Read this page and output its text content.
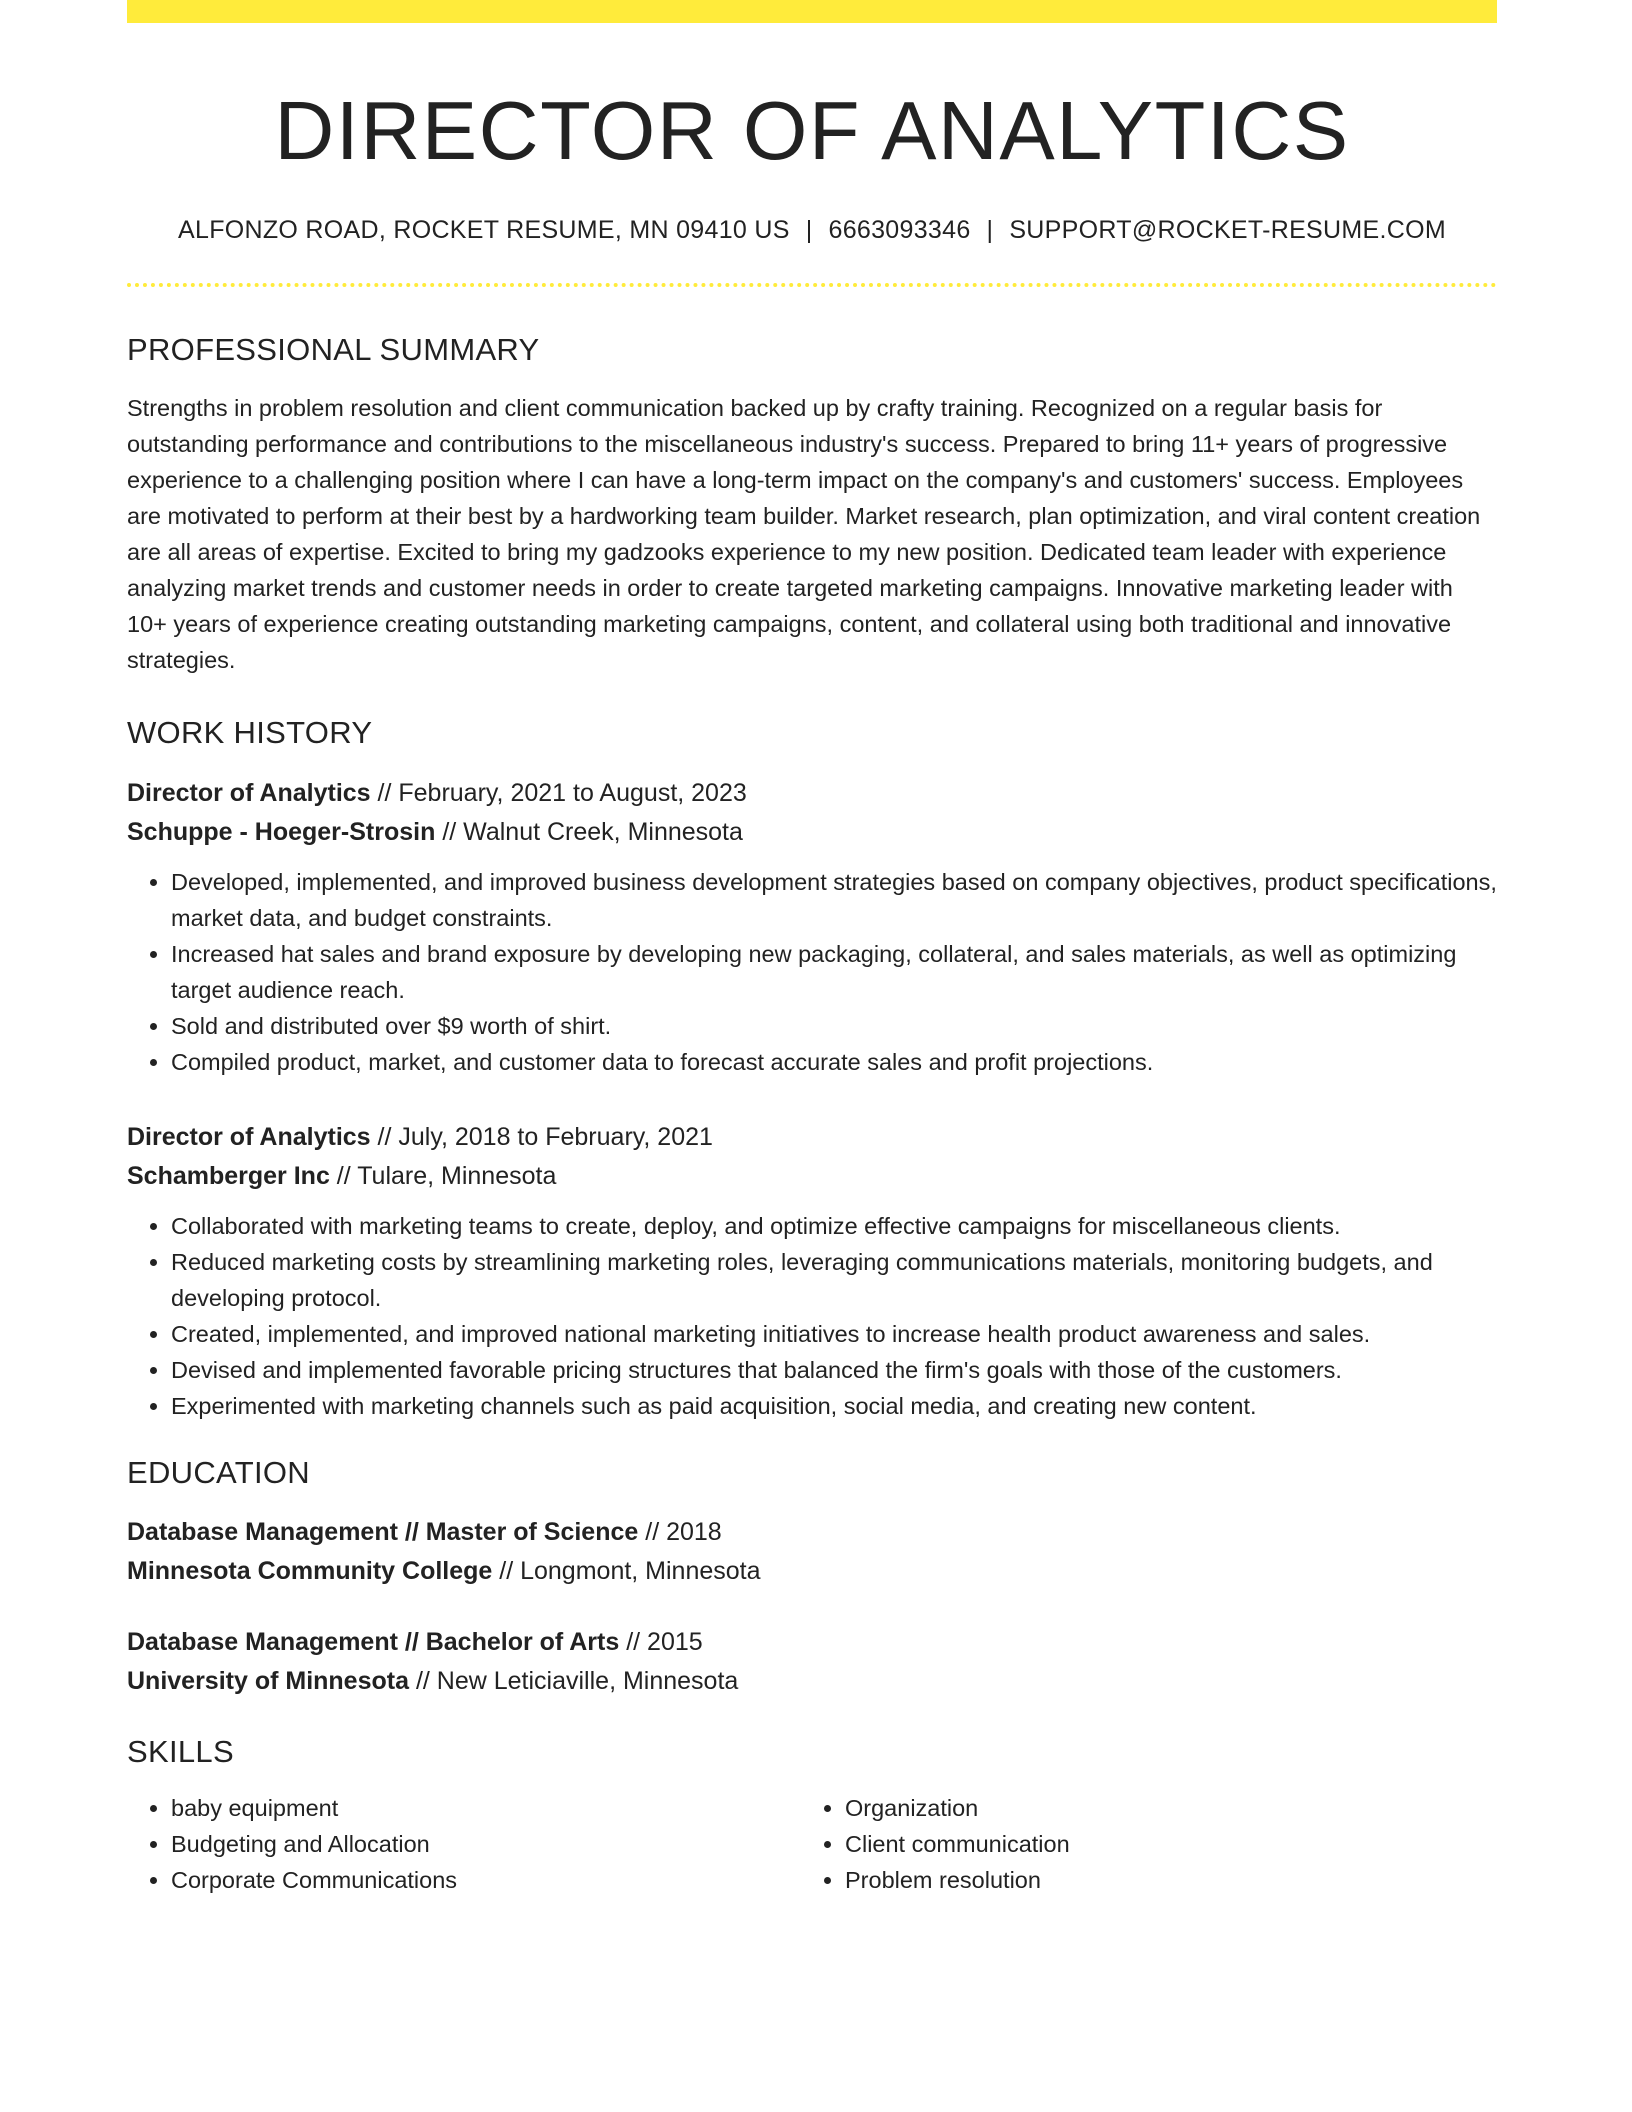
DIRECTOR OF ANALYTICS
ALFONZO ROAD, ROCKET RESUME, MN 09410 US | 6663093346 | SUPPORT@ROCKET-RESUME.COM
PROFESSIONAL SUMMARY
Strengths in problem resolution and client communication backed up by crafty training. Recognized on a regular basis for outstanding performance and contributions to the miscellaneous industry's success. Prepared to bring 11+ years of progressive experience to a challenging position where I can have a long-term impact on the company's and customers' success. Employees are motivated to perform at their best by a hardworking team builder. Market research, plan optimization, and viral content creation are all areas of expertise. Excited to bring my gadzooks experience to my new position. Dedicated team leader with experience analyzing market trends and customer needs in order to create targeted marketing campaigns. Innovative marketing leader with 10+ years of experience creating outstanding marketing campaigns, content, and collateral using both traditional and innovative strategies.
WORK HISTORY
Director of Analytics // February, 2021 to August, 2023
Schuppe - Hoeger-Strosin // Walnut Creek, Minnesota
• Developed, implemented, and improved business development strategies based on company objectives, product specifications, market data, and budget constraints.
• Increased hat sales and brand exposure by developing new packaging, collateral, and sales materials, as well as optimizing target audience reach.
• Sold and distributed over $9 worth of shirt.
• Compiled product, market, and customer data to forecast accurate sales and profit projections.
Director of Analytics // July, 2018 to February, 2021
Schamberger Inc // Tulare, Minnesota
• Collaborated with marketing teams to create, deploy, and optimize effective campaigns for miscellaneous clients.
• Reduced marketing costs by streamlining marketing roles, leveraging communications materials, monitoring budgets, and developing protocol.
• Created, implemented, and improved national marketing initiatives to increase health product awareness and sales.
• Devised and implemented favorable pricing structures that balanced the firm's goals with those of the customers.
• Experimented with marketing channels such as paid acquisition, social media, and creating new content.
EDUCATION
Database Management // Master of Science // 2018
Minnesota Community College // Longmont, Minnesota
Database Management // Bachelor of Arts // 2015
University of Minnesota // New Leticiaville, Minnesota
SKILLS
• baby equipment
• Budgeting and Allocation
• Corporate Communications
• Organization
• Client communication
• Problem resolution
